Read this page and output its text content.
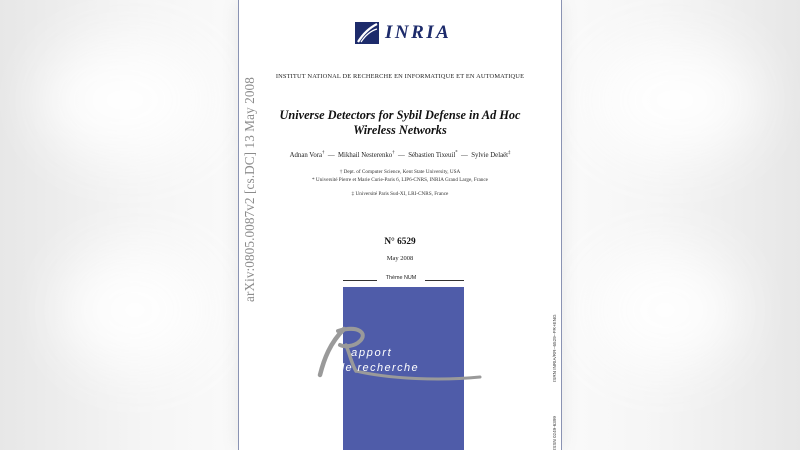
arXiv:0805.0087v2 [cs.DC] 13 May 2008
INRIA
INSTITUT NATIONAL DE RECHERCHE EN INFORMATIQUE ET EN AUTOMATIQUE
Universe Detectors for Sybil Defense in Ad Hoc
Wireless Networks
Adnan Vora† — Mikhail Nesterenko† — Sébastien Tixeuil* — Sylvie Delaët‡
† Dept. of Computer Science, Kent State University, USA
* Université Pierre et Marie Curie-Paris 6, LIP6-CNRS, INRIA Grand Large, France
‡ Université Paris Sud-XI, LRI-CNRS, France
N° 6529
May 2008
Thème NUM
apport
de recherche	ISRN INRIA/RR--6529--FR+ENG
ISSN 0249-6399
